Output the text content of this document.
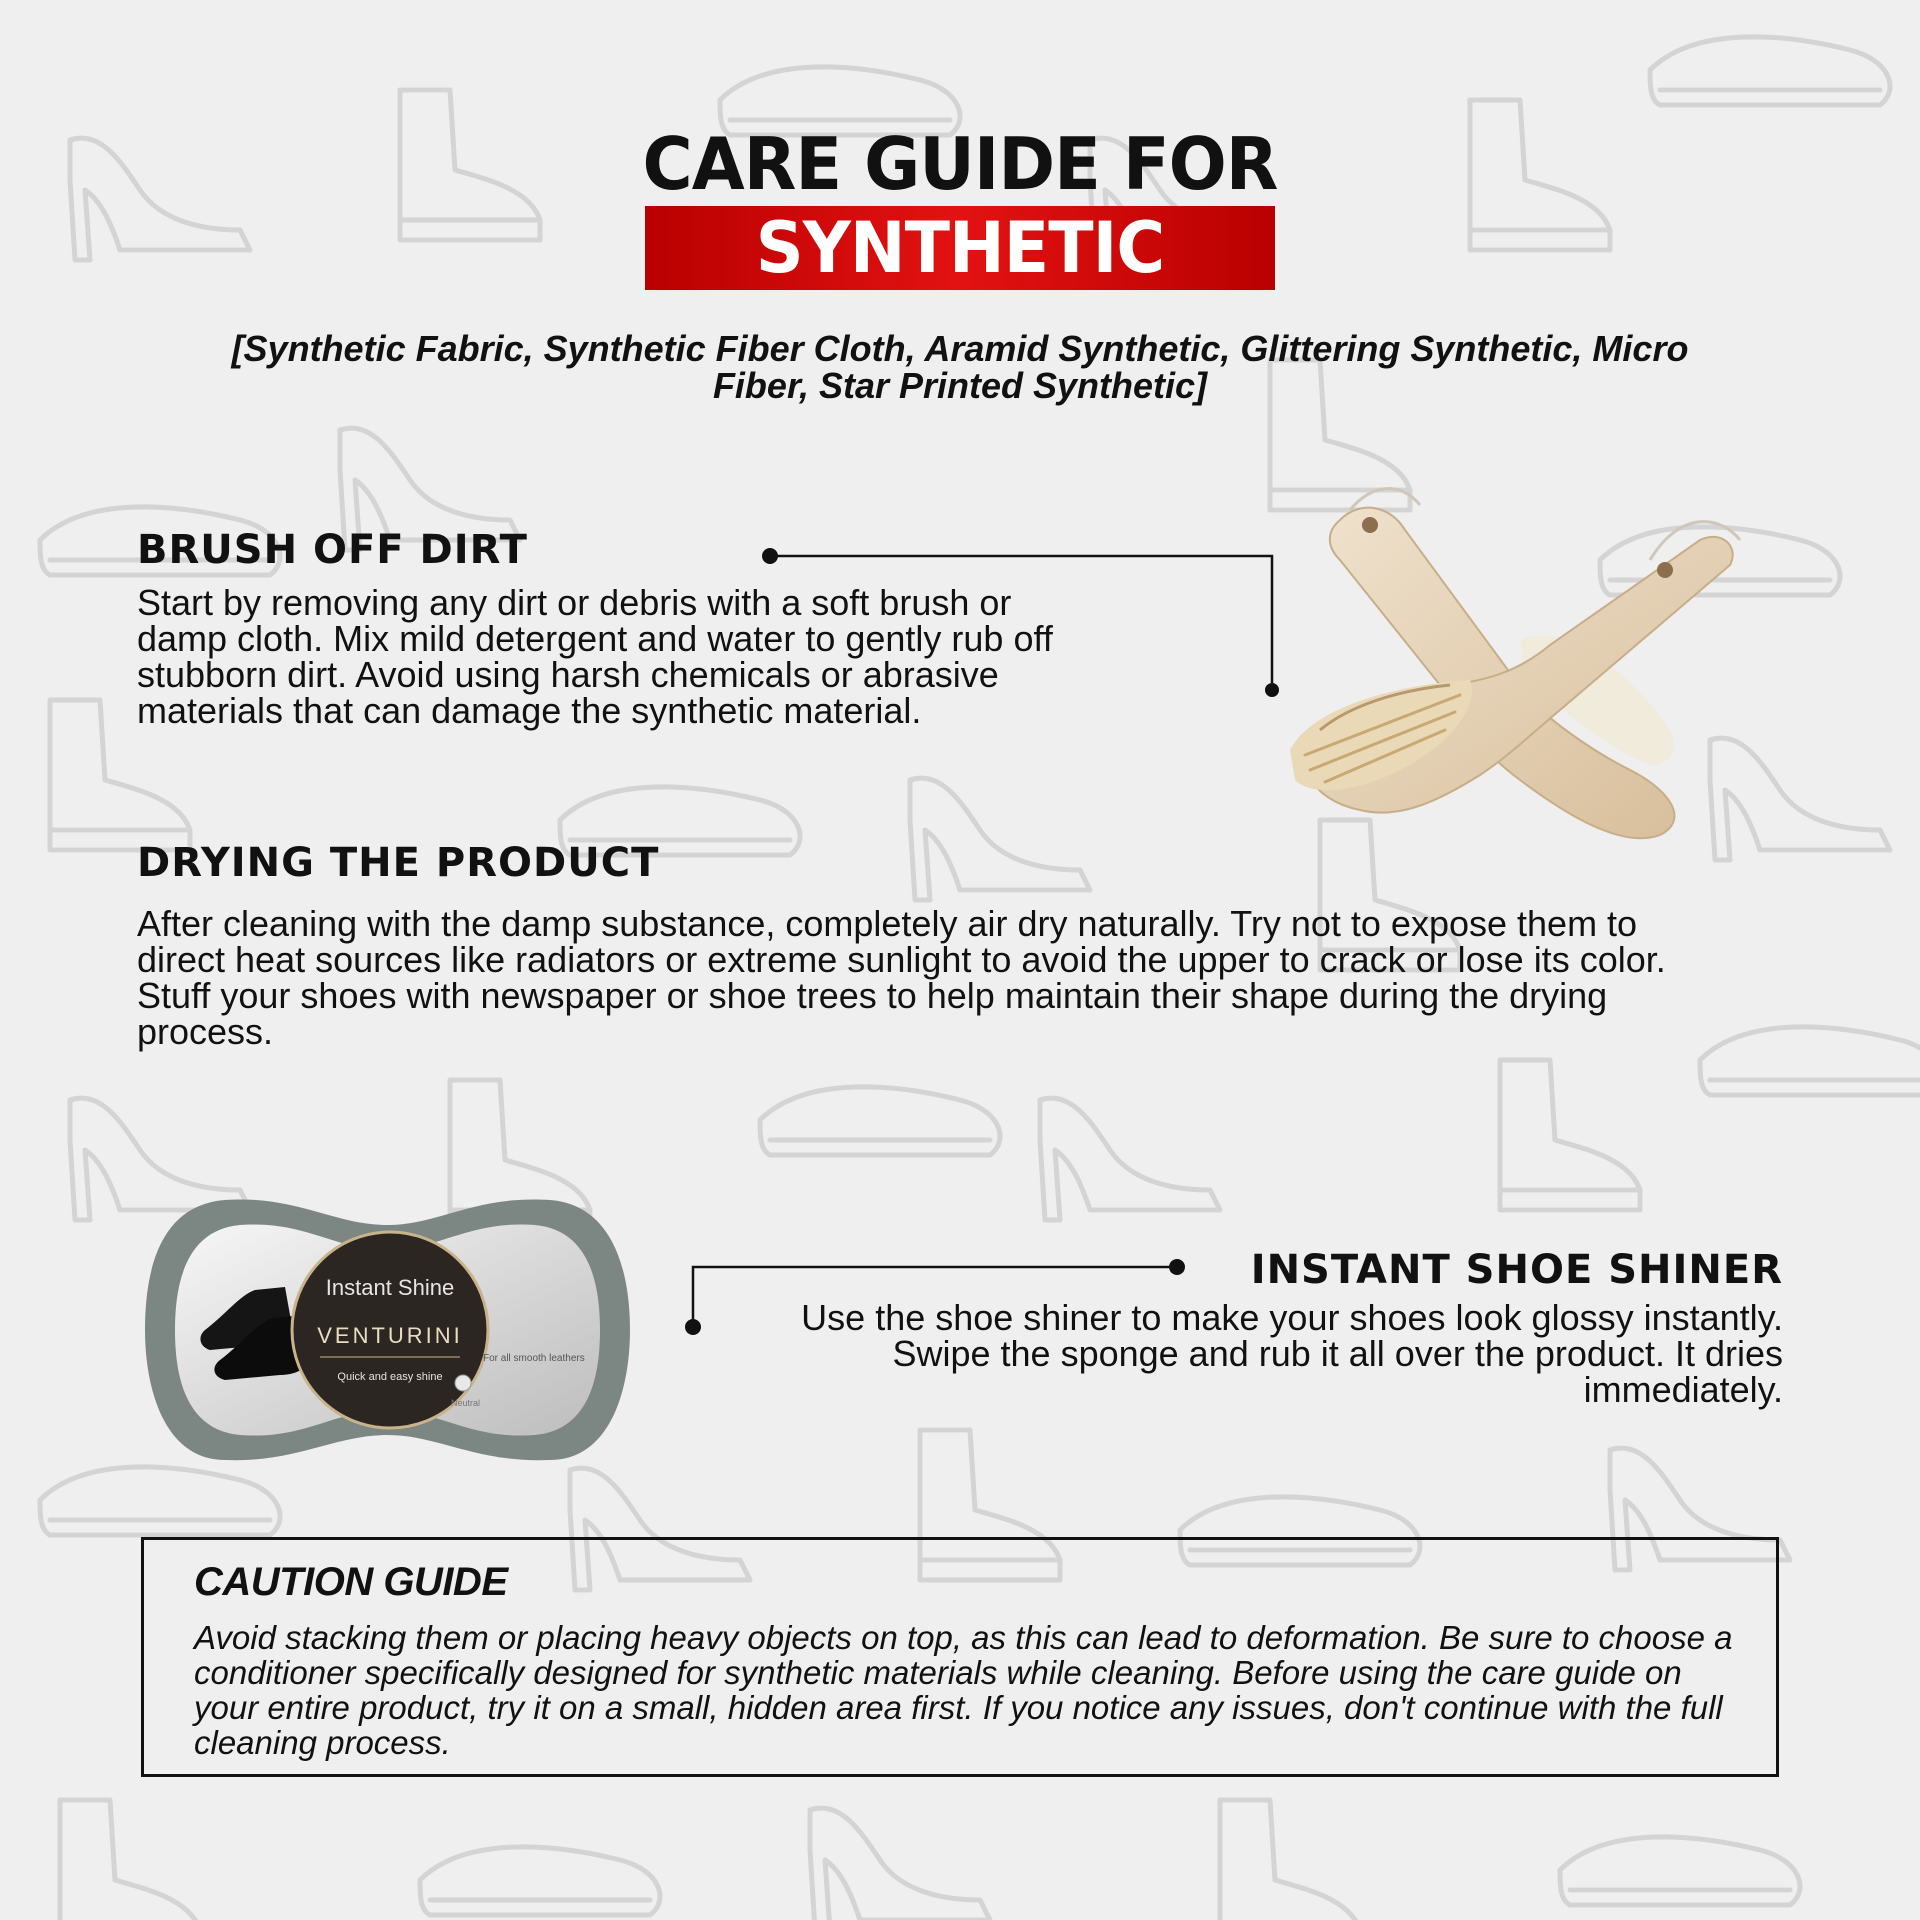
CARE GUIDE FOR
SYNTHETIC
[Synthetic Fabric, Synthetic Fiber Cloth, Aramid Synthetic, Glittering Synthetic, Micro Fiber, Star Printed Synthetic]
BRUSH OFF DIRT
Start by removing any dirt or debris with a soft brush or damp cloth. Mix mild detergent and water to gently rub off stubborn dirt. Avoid using harsh chemicals or abrasive materials that can damage the synthetic material.
DRYING THE PRODUCT
After cleaning with the damp substance, completely air dry naturally. Try not to expose them to direct heat sources like radiators or extreme sunlight to avoid the upper to crack or lose its color. Stuff your shoes with newspaper or shoe trees to help maintain their shape during the drying process.
Instant Shine
VENTURINI
Quick and easy shine
For all smooth leathers
Neutral
INSTANT SHOE SHINER
Use the shoe shiner to make your shoes look glossy instantly. Swipe the sponge and rub it all over the product. It dries immediately.
CAUTION GUIDE
Avoid stacking them or placing heavy objects on top, as this can lead to deformation. Be sure to choose a conditioner specifically designed for synthetic materials while cleaning. Before using the care guide on your entire product, try it on a small, hidden area first. If you notice any issues, don't continue with the full cleaning process.
